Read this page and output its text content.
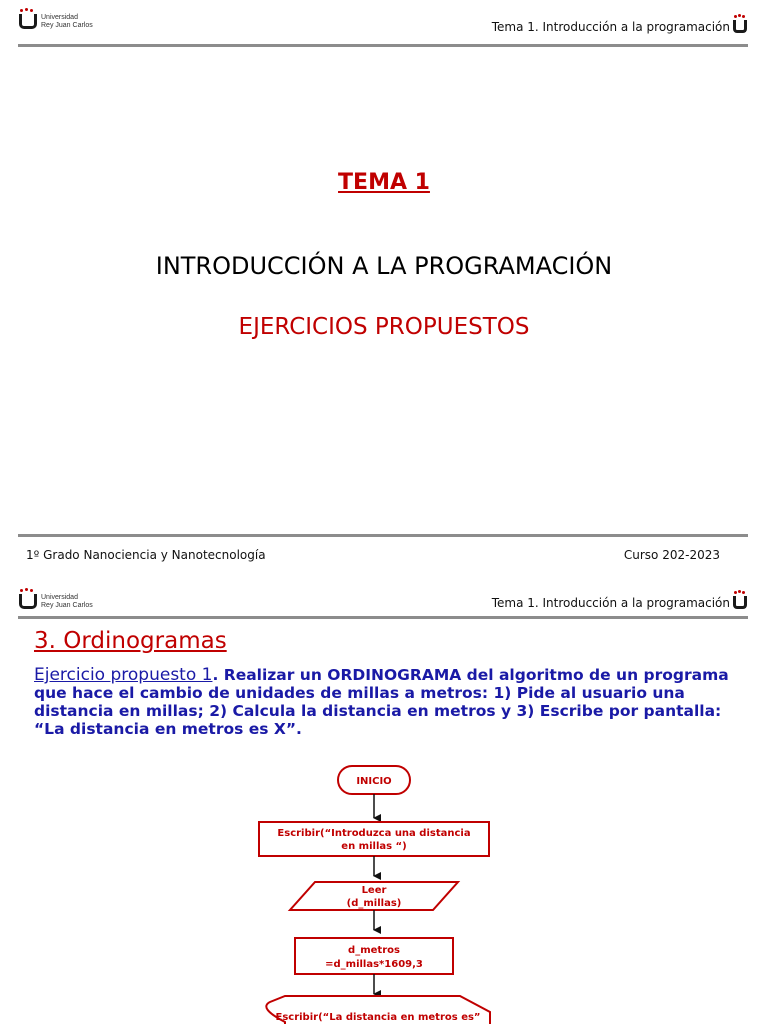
Universidad
Rey Juan Carlos	Tema 1. Introducción a la programación
TEMA 1
INTRODUCCIÓN A LA PROGRAMACIÓN
EJERCICIOS PROPUESTOS
1º Grado Nanociencia y Nanotecnología	Curso 202-2023
Universidad
Rey Juan Carlos	Tema 1. Introducción a la programación
3. Ordinogramas
Ejercicio propuesto 1. Realizar un ORDINOGRAMA del algoritmo de un programa que hace el cambio de unidades de millas a metros: 1) Pide al usuario una distancia en millas; 2) Calcula la distancia en metros y 3) Escribe por pantalla: “La distancia en metros es X”.
INICIO
Escribir(“Introduzca una distancia
en millas “)
Leer
(d_millas)
d_metros
=d_millas*1609,3
Escribir(“La distancia en metros es”
